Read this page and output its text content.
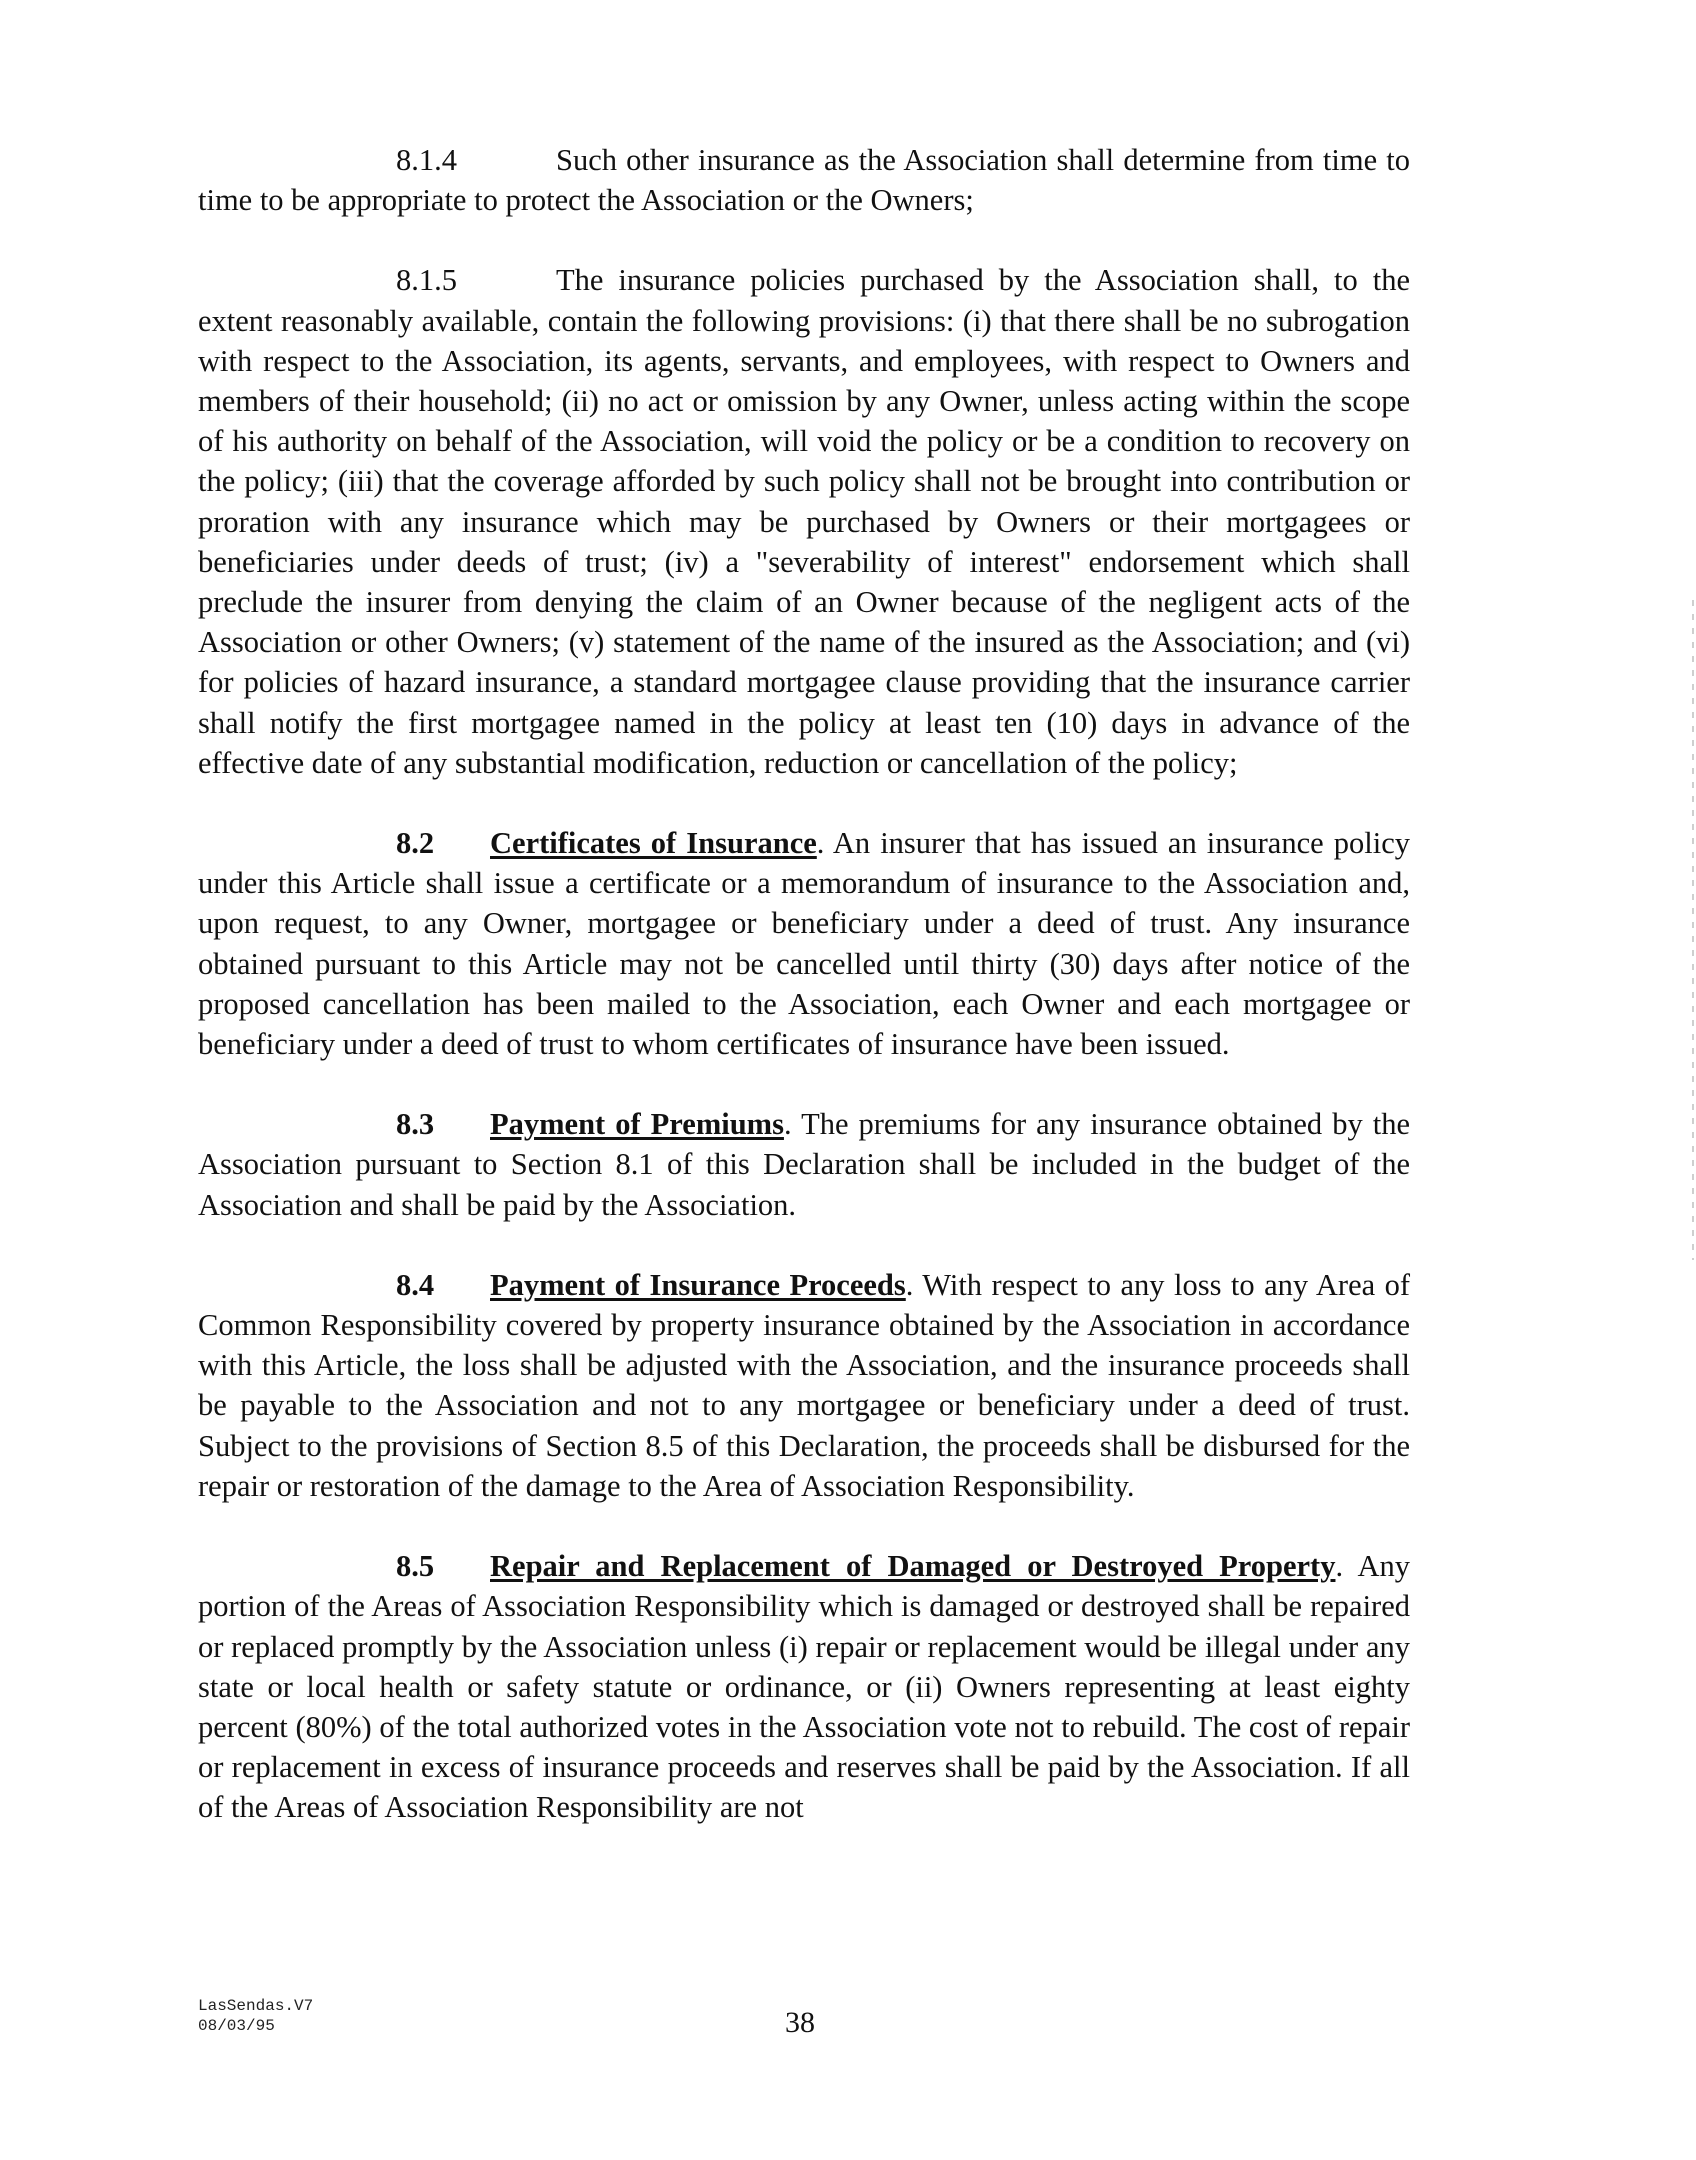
8.1.4	Such other insurance as the Association shall determine from time to time to be appropriate to protect the Association or the Owners;

8.1.5	The insurance policies purchased by the Association shall, to the extent reasonably available, contain the following provisions: (i) that there shall be no subrogation with respect to the Association, its agents, servants, and employees, with respect to Owners and members of their household; (ii) no act or omission by any Owner, unless acting within the scope of his authority on behalf of the Association, will void the policy or be a condition to recovery on the policy; (iii) that the coverage afforded by such policy shall not be brought into contribution or proration with any insurance which may be purchased by Owners or their mortgagees or beneficiaries under deeds of trust; (iv) a "severability of interest" endorsement which shall preclude the insurer from denying the claim of an Owner because of the negligent acts of the Association or other Owners; (v) statement of the name of the insured as the Association; and (vi) for policies of hazard insurance, a standard mortgagee clause providing that the insurance carrier shall notify the first mortgagee named in the policy at least ten (10) days in advance of the effective date of any substantial modification, reduction or cancellation of the policy;

8.2 Certificates of Insurance. An insurer that has issued an insurance policy under this Article shall issue a certificate or a memorandum of insurance to the Association and, upon request, to any Owner, mortgagee or beneficiary under a deed of trust. Any insurance obtained pursuant to this Article may not be cancelled until thirty (30) days after notice of the proposed cancellation has been mailed to the Association, each Owner and each mortgagee or beneficiary under a deed of trust to whom certificates of insurance have been issued.

8.3 Payment of Premiums. The premiums for any insurance obtained by the Association pursuant to Section 8.1 of this Declaration shall be included in the budget of the Association and shall be paid by the Association.

8.4 Payment of Insurance Proceeds. With respect to any loss to any Area of Common Responsibility covered by property insurance obtained by the Association in accordance with this Article, the loss shall be adjusted with the Association, and the insurance proceeds shall be payable to the Association and not to any mortgagee or beneficiary under a deed of trust. Subject to the provisions of Section 8.5 of this Declaration, the proceeds shall be disbursed for the repair or restoration of the damage to the Area of Association Responsibility.

8.5 Repair and Replacement of Damaged or Destroyed Property. Any portion of the Areas of Association Responsibility which is damaged or destroyed shall be repaired or replaced promptly by the Association unless (i) repair or replacement would be illegal under any state or local health or safety statute or ordinance, or (ii) Owners representing at least eighty percent (80%) of the total authorized votes in the Association vote not to rebuild. The cost of repair or replacement in excess of insurance proceeds and reserves shall be paid by the Association. If all of the Areas of Association Responsibility are not

LasSendas.V7
08/03/95	38
